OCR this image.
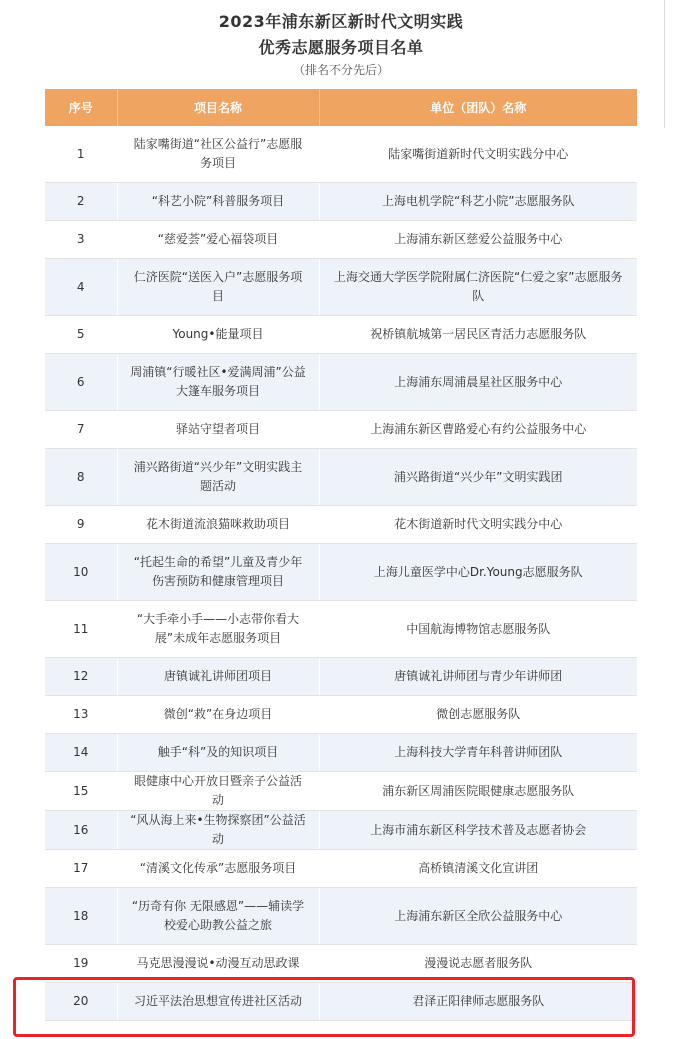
2023年浦东新区新时代文明实践
优秀志愿服务项目名单
（排名不分先后）
序号	项目名称	单位（团队）名称
1	陆家嘴街道“社区公益行”志愿服务项目	陆家嘴街道新时代文明实践分中心
2	“科艺小院”科普服务项目	上海电机学院“科艺小院”志愿服务队
3	“慈爱荟”爱心福袋项目	上海浦东新区慈爱公益服务中心
4	仁济医院“送医入户”志愿服务项目	上海交通大学医学院附属仁济医院“仁爱之家”志愿服务队
5	Young•能量项目	祝桥镇航城第一居民区青活力志愿服务队
6	周浦镇“行暖社区•爱满周浦”公益大篷车服务项目	上海浦东周浦晨星社区服务中心
7	驿站守望者项目	上海浦东新区曹路爱心有约公益服务中心
8	浦兴路街道“兴少年”文明实践主题活动	浦兴路街道“兴少年”文明实践团
9	花木街道流浪猫咪救助项目	花木街道新时代文明实践分中心
10	“托起生命的希望”儿童及青少年伤害预防和健康管理项目	上海儿童医学中心Dr.Young志愿服务队
11	“大手牵小手——小志带你看大展”未成年志愿服务项目	中国航海博物馆志愿服务队
12	唐镇诚礼讲师团项目	唐镇诚礼讲师团与青少年讲师团
13	微创“救”在身边项目	微创志愿服务队
14	触手“科”及的知识项目	上海科技大学青年科普讲师团队
15	眼健康中心开放日暨亲子公益活动	浦东新区周浦医院眼健康志愿服务队
16	“风从海上来•生物探察团”公益活动	上海市浦东新区科学技术普及志愿者协会
17	“清溪文化传承”志愿服务项目	高桥镇清溪文化宣讲团
18	“历奇有你 无限感恩”——辅读学校爱心助教公益之旅	上海浦东新区全欣公益服务中心
19	马克思漫漫说•动漫互动思政课	漫漫说志愿者服务队
20	习近平法治思想宣传进社区活动	君泽正阳律师志愿服务队
